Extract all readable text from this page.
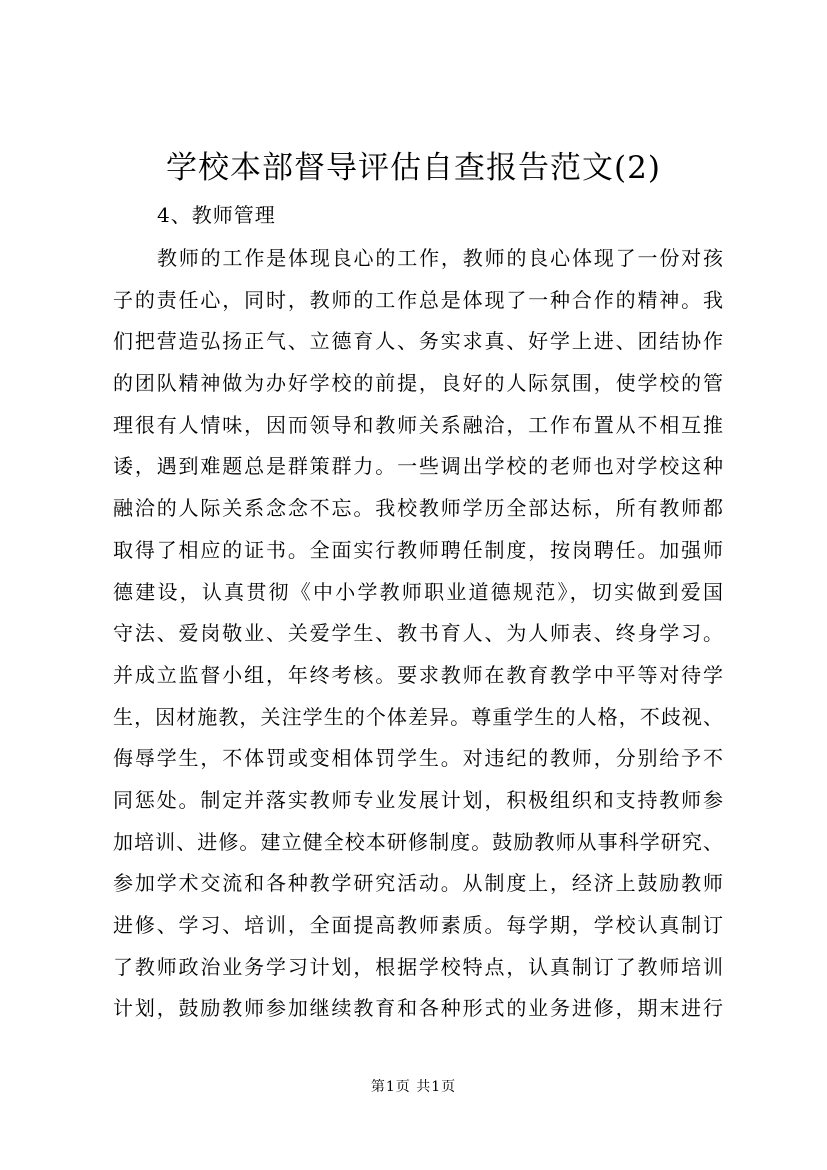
学校本部督导评估自查报告范文(2)
4、教师管理
教师的工作是体现良心的工作，教师的良心体现了一份对孩
子的责任心，同时，教师的工作总是体现了一种合作的精神。我
们把营造弘扬正气、立德育人、务实求真、好学上进、团结协作
的团队精神做为办好学校的前提，良好的人际氛围，使学校的管
理很有人情味，因而领导和教师关系融洽，工作布置从不相互推
诿，遇到难题总是群策群力。一些调出学校的老师也对学校这种
融洽的人际关系念念不忘。我校教师学历全部达标，所有教师都
取得了相应的证书。全面实行教师聘任制度，按岗聘任。加强师
德建设，认真贯彻《中小学教师职业道德规范》，切实做到爱国
守法、爱岗敬业、关爱学生、教书育人、为人师表、终身学习。
并成立监督小组，年终考核。要求教师在教育教学中平等对待学
生，因材施教，关注学生的个体差异。尊重学生的人格，不歧视、
侮辱学生，不体罚或变相体罚学生。对违纪的教师，分别给予不
同惩处。制定并落实教师专业发展计划，积极组织和支持教师参
加培训、进修。建立健全校本研修制度。鼓励教师从事科学研究、
参加学术交流和各种教学研究活动。从制度上，经济上鼓励教师
进修、学习、培训，全面提高教师素质。每学期，学校认真制订
了教师政治业务学习计划，根据学校特点，认真制订了教师培训
计划，鼓励教师参加继续教育和各种形式的业务进修，期末进行
第1页 共1页
